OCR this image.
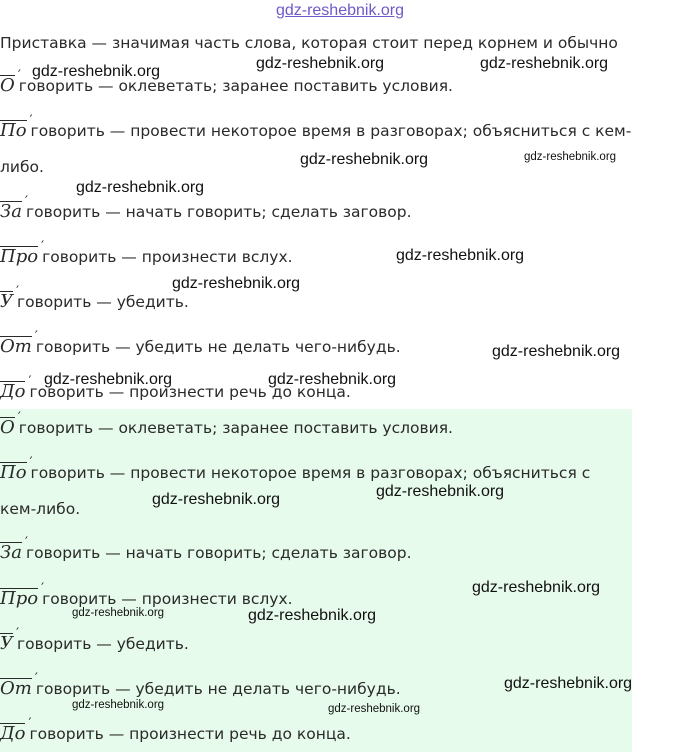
gdz-reshebnik.org
Приставка — значимая часть слова, которая стоит перед корнем и обычно
О ′
говорить — оклеветать; заранее поставить условия.
По ′
говорить — провести некоторое время в разговорах; объясниться с кем-
либо.
За ′
говорить — начать говорить; сделать заговор.
Про ′
говорить — произнести вслух.
У ′
говорить — убедить.
От ′
говорить — убедить не делать чего-нибудь.
До ′
говорить — произнести речь до конца.
О ′
говорить — оклеветать; заранее поставить условия.
По ′
говорить — провести некоторое время в разговорах; объясниться с
кем-либо.
За ′
говорить — начать говорить; сделать заговор.
Про ′
говорить — произнести вслух.
У ′
говорить — убедить.
От ′
говорить — убедить не делать чего-нибудь.
До ′
говорить — произнести речь до конца.
gdz-reshebnik.org	gdz-reshebnik.org	gdz-reshebnik.org
gdz-reshebnik.org	gdz-reshebnik.org
gdz-reshebnik.org
gdz-reshebnik.org
gdz-reshebnik.org
gdz-reshebnik.org
gdz-reshebnik.org	gdz-reshebnik.org
gdz-reshebnik.org
gdz-reshebnik.org
gdz-reshebnik.org
gdz-reshebnik.org	gdz-reshebnik.org
gdz-reshebnik.org
gdz-reshebnik.org	gdz-reshebnik.org
